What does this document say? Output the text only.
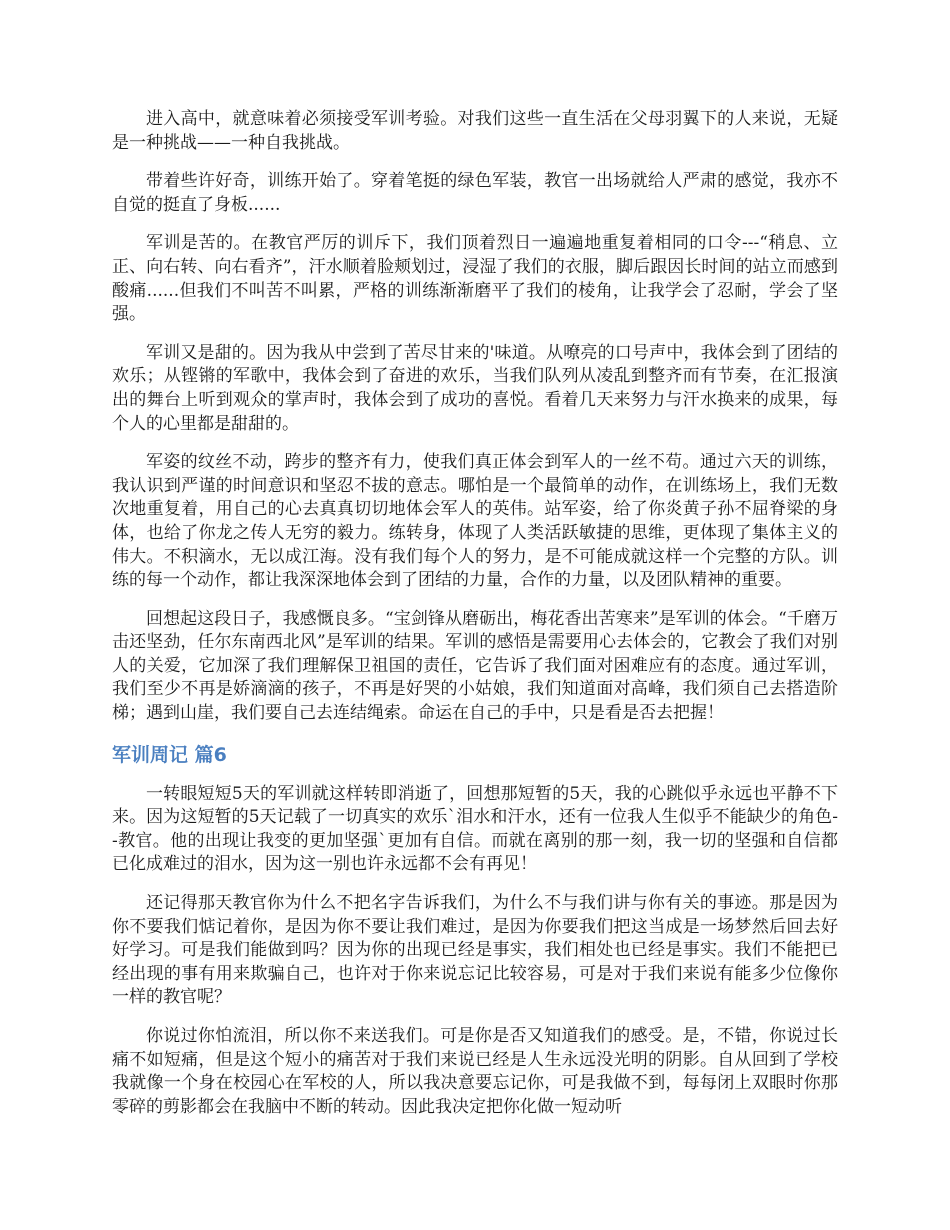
进入高中，就意味着必须接受军训考验。对我们这些一直生活在父母羽翼下的人来说，无疑是一种挑战——一种自我挑战。

带着些许好奇，训练开始了。穿着笔挺的绿色军装，教官一出场就给人严肃的感觉，我亦不自觉的挺直了身板......

军训是苦的。在教官严厉的训斥下，我们顶着烈日一遍遍地重复着相同的口令---“稍息、立正、向右转、向右看齐”，汗水顺着脸颊划过，浸湿了我们的衣服，脚后跟因长时间的站立而感到酸痛......但我们不叫苦不叫累，严格的训练渐渐磨平了我们的棱角，让我学会了忍耐，学会了坚强。

军训又是甜的。因为我从中尝到了苦尽甘来的'味道。从嘹亮的口号声中，我体会到了团结的欢乐；从铿锵的军歌中，我体会到了奋进的欢乐，当我们队列从凌乱到整齐而有节奏，在汇报演出的舞台上听到观众的掌声时，我体会到了成功的喜悦。看着几天来努力与汗水换来的成果，每个人的心里都是甜甜的。

军姿的纹丝不动，跨步的整齐有力，使我们真正体会到军人的一丝不苟。通过六天的训练，我认识到严谨的时间意识和坚忍不拔的意志。哪怕是一个最简单的动作，在训练场上，我们无数次地重复着，用自己的心去真真切切地体会军人的英伟。站军姿，给了你炎黄子孙不屈脊梁的身体，也给了你龙之传人无穷的毅力。练转身，体现了人类活跃敏捷的思维，更体现了集体主义的伟大。不积滴水，无以成江海。没有我们每个人的努力，是不可能成就这样一个完整的方队。训练的每一个动作，都让我深深地体会到了团结的力量，合作的力量，以及团队精神的重要。

回想起这段日子，我感慨良多。“宝剑锋从磨砺出，梅花香出苦寒来”是军训的体会。“千磨万击还坚劲，任尔东南西北风”是军训的结果。军训的感悟是需要用心去体会的，它教会了我们对别人的关爱，它加深了我们理解保卫祖国的责任，它告诉了我们面对困难应有的态度。通过军训，我们至少不再是娇滴滴的孩子，不再是好哭的小姑娘，我们知道面对高峰，我们须自己去搭造阶梯；遇到山崖，我们要自己去连结绳索。命运在自己的手中，只是看是否去把握！

军训周记 篇6

一转眼短短5天的军训就这样转即消逝了，回想那短暂的5天，我的心跳似乎永远也平静不下来。因为这短暂的5天记载了一切真实的欢乐`泪水和汗水，还有一位我人生似乎不能缺少的角色--教官。他的出现让我变的更加坚强`更加有自信。而就在离别的那一刻，我一切的坚强和自信都已化成难过的泪水，因为这一别也许永远都不会有再见！

还记得那天教官你为什么不把名字告诉我们，为什么不与我们讲与你有关的事迹。那是因为你不要我们惦记着你，是因为你不要让我们难过，是因为你要我们把这当成是一场梦然后回去好好学习。可是我们能做到吗？因为你的出现已经是事实，我们相处也已经是事实。我们不能把已经出现的事有用来欺骗自己，也许对于你来说忘记比较容易，可是对于我们来说有能多少位像你一样的教官呢？

你说过你怕流泪，所以你不来送我们。可是你是否又知道我们的感受。是，不错，你说过长痛不如短痛，但是这个短小的痛苦对于我们来说已经是人生永远没光明的阴影。自从回到了学校我就像一个身在校园心在军校的人，所以我决意要忘记你，可是我做不到，每每闭上双眼时你那零碎的剪影都会在我脑中不断的转动。因此我决定把你化做一短动听
